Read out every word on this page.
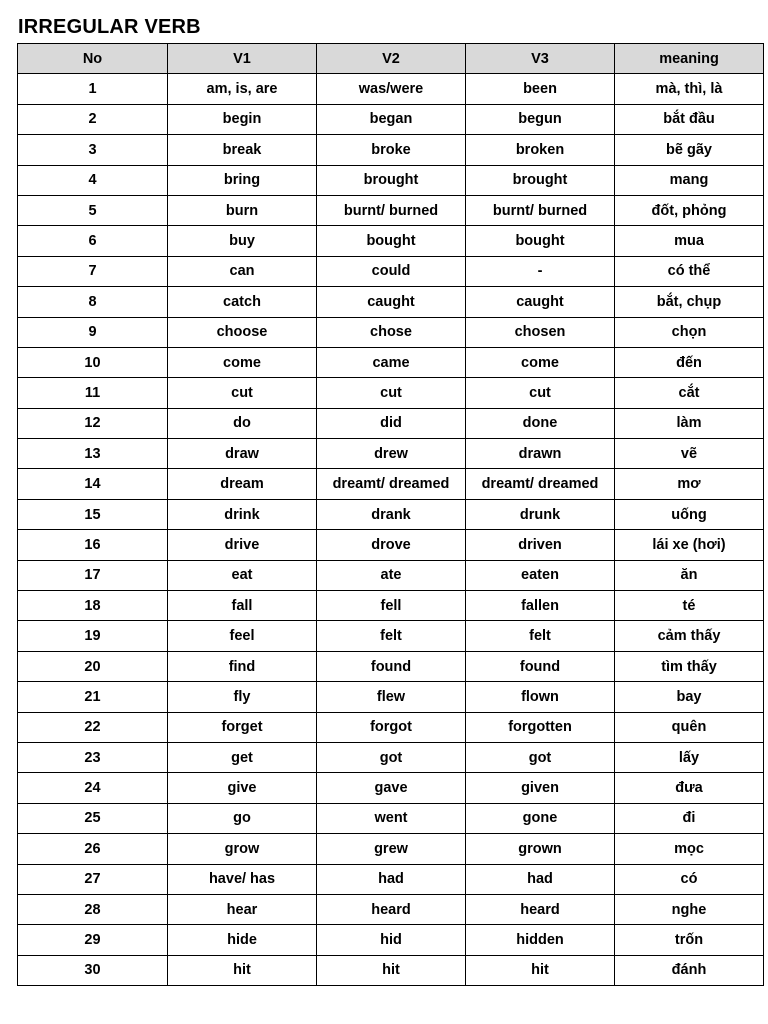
IRREGULAR VERB
No	V1	V2	V3	meaning
1	am, is, are	was/were	been	mà, thì, là
2	begin	began	begun	bắt đầu
3	break	broke	broken	bẽ gãy
4	bring	brought	brought	mang
5	burn	burnt/ burned	burnt/ burned	đốt, phỏng
6	buy	bought	bought	mua
7	can	could	-	có thể
8	catch	caught	caught	bắt, chụp
9	choose	chose	chosen	chọn
10	come	came	come	đến
11	cut	cut	cut	cắt
12	do	did	done	làm
13	draw	drew	drawn	vẽ
14	dream	dreamt/ dreamed	dreamt/ dreamed	mơ
15	drink	drank	drunk	uống
16	drive	drove	driven	lái xe (hơi)
17	eat	ate	eaten	ăn
18	fall	fell	fallen	té
19	feel	felt	felt	cảm thấy
20	find	found	found	tìm thấy
21	fly	flew	flown	bay
22	forget	forgot	forgotten	quên
23	get	got	got	lấy
24	give	gave	given	đưa
25	go	went	gone	đi
26	grow	grew	grown	mọc
27	have/ has	had	had	có
28	hear	heard	heard	nghe
29	hide	hid	hidden	trốn
30	hit	hit	hit	đánh
